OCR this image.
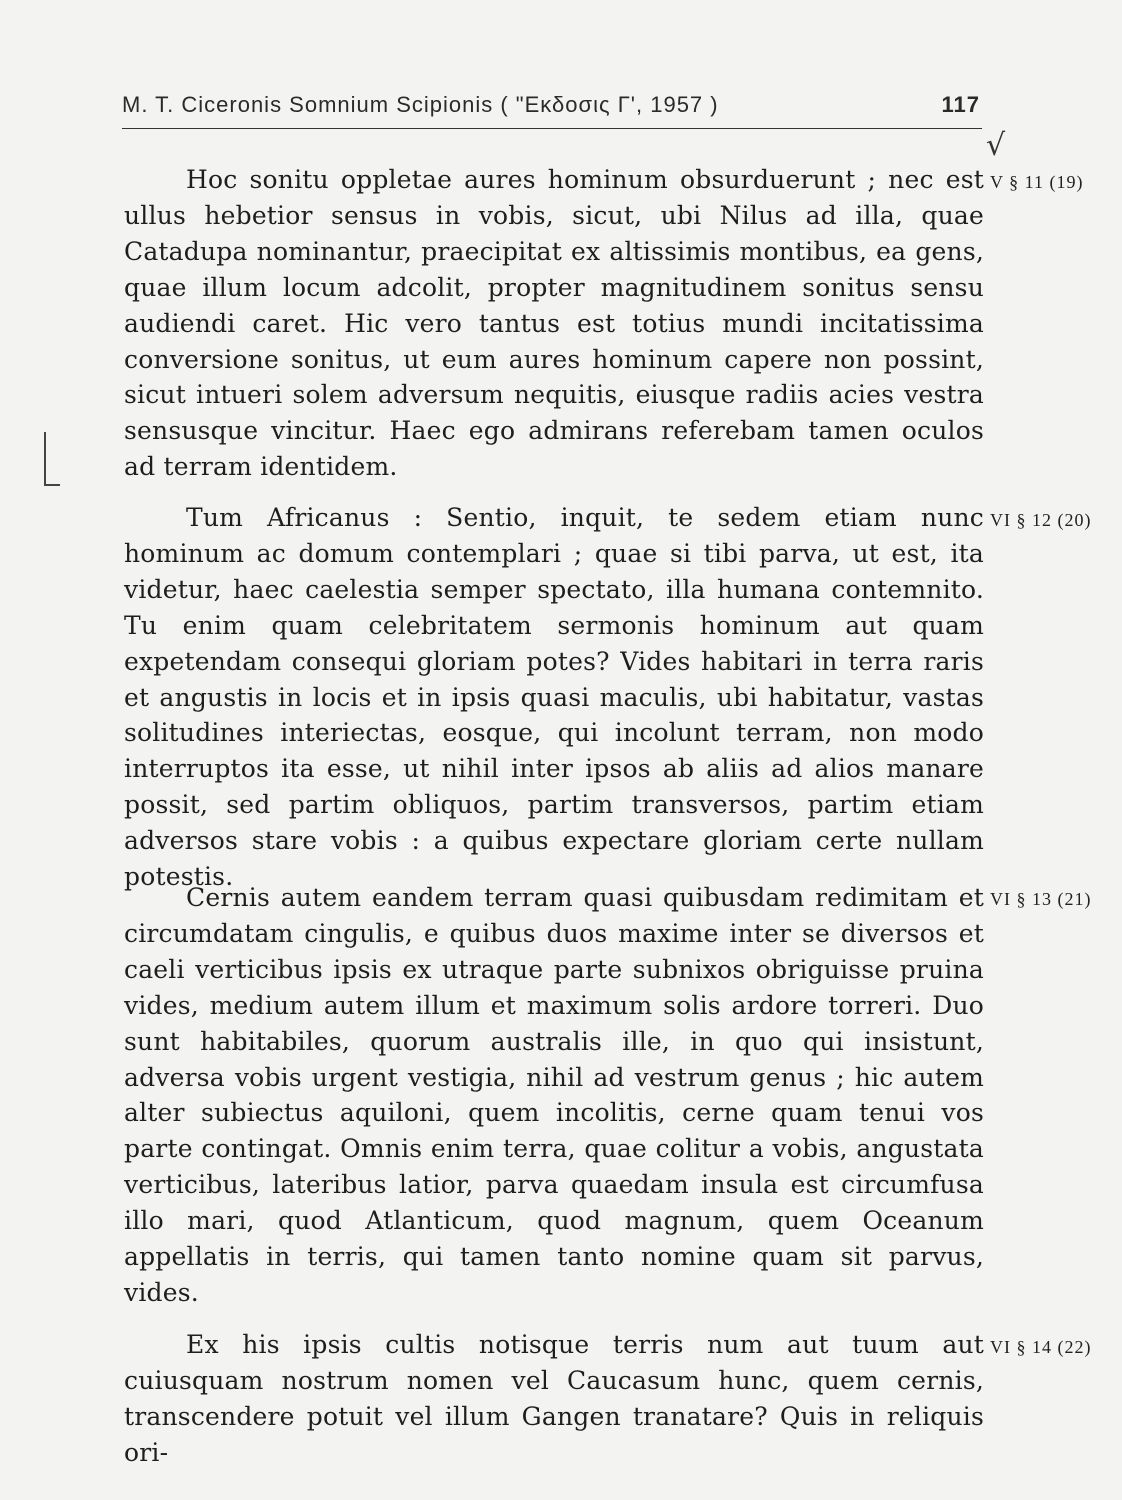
M. T. Ciceronis Somnium Scipionis ( "Εκδοσις Γ', 1957 )	117
√
Hoc sonitu oppletae aures hominum obsurduerunt ; nec est ullus hebetior sensus in vobis, sicut, ubi Nilus ad illa, quae Catadupa nominantur, praecipitat ex altissimis montibus, ea gens, quae illum locum adcolit, propter magnitudinem sonitus sensu audiendi caret. Hic vero tantus est totius mundi incitatissima conversione sonitus, ut eum aures hominum capere non possint, sicut intueri solem adversum nequitis, eiusque radiis acies vestra sensusque vincitur. Haec ego admirans referebam tamen oculos ad terram identidem.
V § 11 (19)
Tum Africanus : Sentio, inquit, te sedem etiam nunc hominum ac domum contemplari ; quae si tibi parva, ut est, ita videtur, haec caelestia semper spectato, illa humana contemnito. Tu enim quam celebritatem sermonis hominum aut quam expetendam consequi gloriam potes? Vides habitari in terra raris et angustis in locis et in ipsis quasi maculis, ubi habitatur, vastas solitudines interiectas, eosque, qui incolunt terram, non modo interruptos ita esse, ut nihil inter ipsos ab aliis ad alios manare possit, sed partim obliquos, partim transversos, partim etiam adversos stare vobis : a quibus expectare gloriam certe nullam potestis.
VI § 12 (20)
Cernis autem eandem terram quasi quibusdam redimitam et circumdatam cingulis, e quibus duos maxime inter se diversos et caeli verticibus ipsis ex utraque parte subnixos obriguisse pruina vides, medium autem illum et maximum solis ardore torreri. Duo sunt habitabiles, quorum australis ille, in quo qui insistunt, adversa vobis urgent vestigia, nihil ad vestrum genus ; hic autem alter subiectus aquiloni, quem incolitis, cerne quam tenui vos parte contingat. Omnis enim terra, quae colitur a vobis, angustata verticibus, lateribus latior, parva quaedam insula est circumfusa illo mari, quod Atlanticum, quod magnum, quem Oceanum appellatis in terris, qui tamen tanto nomine quam sit parvus, vides.
VI § 13 (21)
Ex his ipsis cultis notisque terris num aut tuum aut cuiusquam nostrum nomen vel Caucasum hunc, quem cernis, transcendere potuit vel illum Gangen tranatare? Quis in reliquis ori-
VI § 14 (22)
